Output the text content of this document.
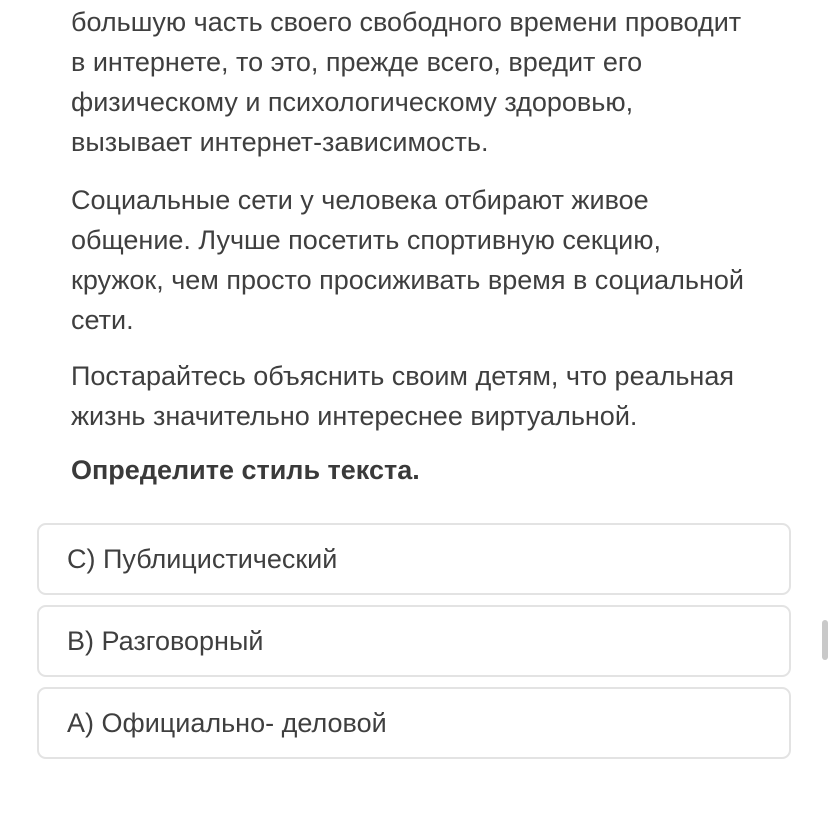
большую часть своего свободного времени проводит в интернете, то это, прежде всего, вредит его физическому и психологическому здоровью, вызывает интернет-зависимость.

Социальные сети у человека отбирают живое общение. Лучше посетить спортивную секцию, кружок, чем просто просиживать время в социальной сети.

Постарайтесь объяснить своим детям, что реальная жизнь значительно интереснее виртуальной.

Определите стиль текста.
C) Публицистический
B) Разговорный
A) Официально- деловой
